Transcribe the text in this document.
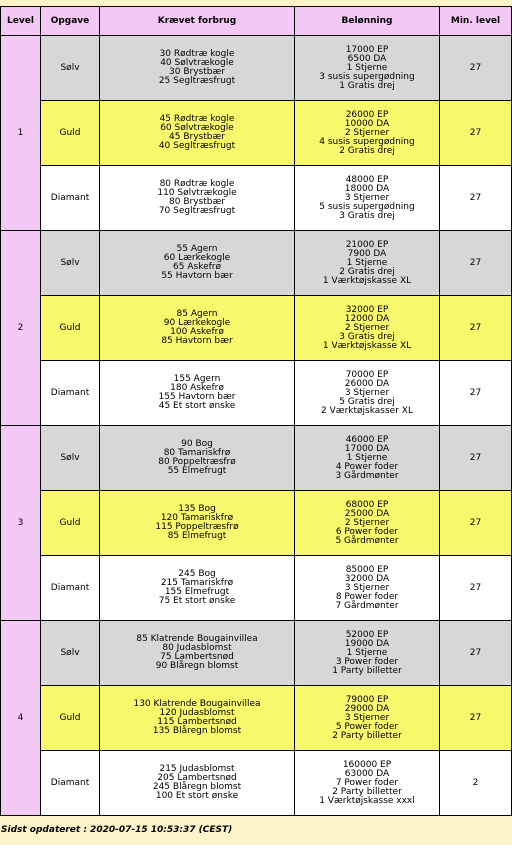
Level	Opgave	Krævet forbrug	Belønning	Min. level
1	Sølv	30 Rødtræ kogle
40 Sølvtrækogle
30 Brystbær
25 Segltræsfrugt	17000 EP
6500 DA
1 Stjerne
3 susis supergødning
1 Gratis drej	27
	Guld	45 Rødtræ kogle
60 Sølvtrækogle
45 Brystbær
40 Segltræsfrugt	26000 EP
10000 DA
2 Stjerner
4 susis supergødning
2 Gratis drej	27
	Diamant	80 Rødtræ kogle
110 Sølvtrækogle
80 Brystbær
70 Segltræsfrugt	48000 EP
18000 DA
3 Stjerner
5 susis supergødning
3 Gratis drej	27
2	Sølv	55 Agern
60 Lærkekogle
65 Askefrø
55 Havtorn bær	21000 EP
7900 DA
1 Stjerne
2 Gratis drej
1 Værktøjskasse XL	27
	Guld	85 Agern
90 Lærkekogle
100 Askefrø
85 Havtorn bær	32000 EP
12000 DA
2 Stjerner
3 Gratis drej
1 Værktøjskasse XL	27
	Diamant	155 Agern
180 Askefrø
155 Havtorn bær
45 Et stort ønske	70000 EP
26000 DA
3 Stjerner
5 Gratis drej
2 Værktøjskasser XL	27
3	Sølv	90 Bog
80 Tamariskfrø
80 Poppeltræsfrø
55 Elmefrugt	46000 EP
17000 DA
1 Stjerne
4 Power foder
3 Gårdmønter	27
	Guld	135 Bog
120 Tamariskfrø
115 Poppeltræsfrø
85 Elmefrugt	68000 EP
25000 DA
2 Stjerner
6 Power foder
5 Gårdmønter	27
	Diamant	245 Bog
215 Tamariskfrø
155 Elmefrugt
75 Et stort ønske	85000 EP
32000 DA
3 Stjerner
8 Power foder
7 Gårdmønter	27
4	Sølv	85 Klatrende Bougainvillea
80 Judasblomst
75 Lambertsnød
90 Blåregn blomst	52000 EP
19000 DA
1 Stjerne
3 Power foder
1 Party billetter	27
	Guld	130 Klatrende Bougainvillea
120 Judasblomst
115 Lambertsnød
135 Blåregn blomst	79000 EP
29000 DA
3 Stjerner
5 Power foder
2 Party billetter	27
	Diamant	215 Judasblomst
205 Lambertsnød
245 Blåregn blomst
100 Et stort ønske	160000 EP
63000 DA
7 Power foder
2 Party billetter
1 Værktøjskasse xxxl	2
Sidst opdateret : 2020-07-15 10:53:37 (CEST)
